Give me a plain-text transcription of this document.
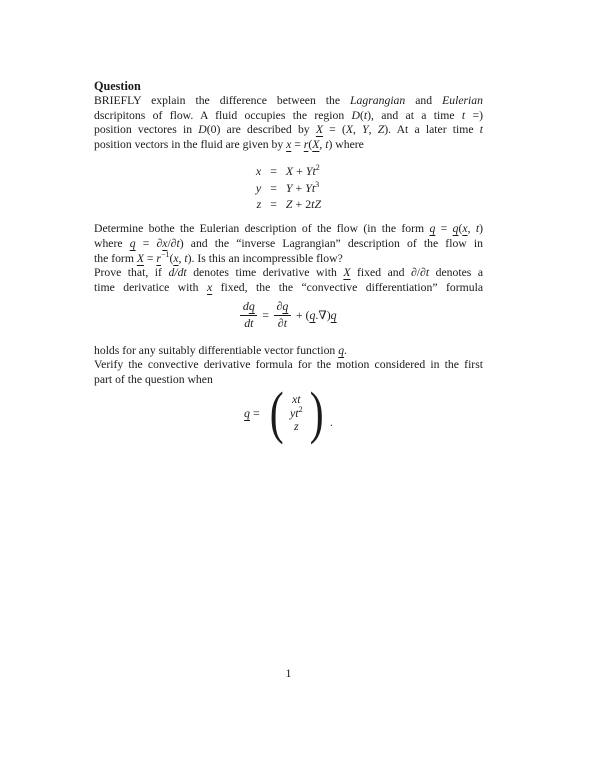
Question
BRIEFLY explain the difference between the Lagrangian and Eulerian
dscripitons of flow. A fluid occupies the region D(t), and at a time t =)
position vectores in D(0) are described by X = (X, Y, Z). At a later time t
position vectors in the fluid are given by x = r(X, t) where
$x = X + Yt^2$
$y = Y + Yt^3$
z = Z + 2tZ
Determine bothe the Eulerian description of the flow (in the form q = q(x, t)
where q = ∂x/∂t) and the “inverse Lagrangian” description of the flow in
the form $X = r^{-1}(x$, t). Is this an incompressible flow?
Prove that, if d/dt denotes time derivative with X fixed and ∂/∂t denotes a
time derivatice with x fixed, the the “convective differentiation” formula
$\frac{dq}{dt} = \frac{\partial q}{\partial t} + (q.\nabla)q$
holds for any suitably differentiable vector function q.
Verify the convective derivative formula for the motion considered in the first
part of the question when
q = ( xt
$yt^2$
z ) .
1
